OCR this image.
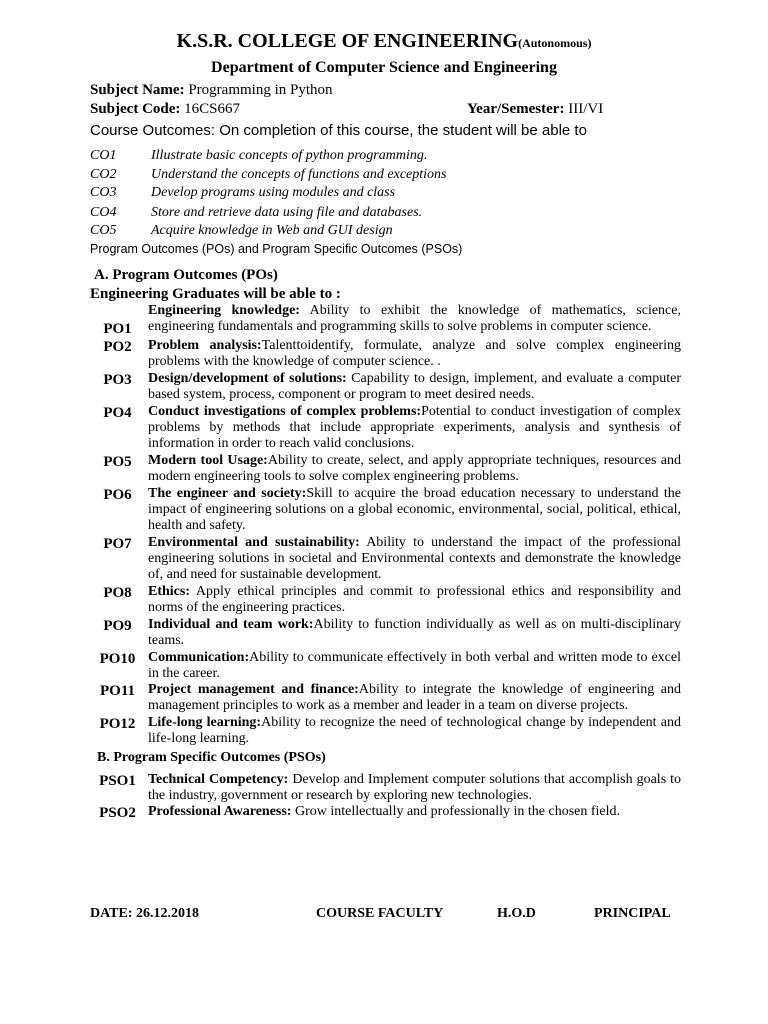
K.S.R. COLLEGE OF ENGINEERING(Autonomous)
Department of Computer Science and Engineering
Subject Name: Programming in Python
Subject Code: 16CS667	Year/Semester: III/VI
Course Outcomes: On completion of this course, the student will be able to
CO1 Illustrate basic concepts of python programming.
CO2 Understand the concepts of functions and exceptions
CO3 Develop programs using modules and class
CO4 Store and retrieve data using file and databases.
CO5 Acquire knowledge in Web and GUI design
Program Outcomes (POs) and Program Specific Outcomes (PSOs)
A. Program Outcomes (POs)
Engineering Graduates will be able to :
PO1
Engineering knowledge: Ability to exhibit the knowledge of mathematics, science, engineering fundamentals and programming skills to solve problems in computer science.
PO2	Problem analysis:Talenttoidentify, formulate, analyze and solve complex engineering problems with the knowledge of computer science. .
PO3	Design/development of solutions: Capability to design, implement, and evaluate a computer based system, process, component or program to meet desired needs.
PO4	Conduct investigations of complex problems:Potential to conduct investigation of complex problems by methods that include appropriate experiments, analysis and synthesis of information in order to reach valid conclusions.
PO5	Modern tool Usage:Ability to create, select, and apply appropriate techniques, resources and modern engineering tools to solve complex engineering problems.
PO6	The engineer and society:Skill to acquire the broad education necessary to understand the impact of engineering solutions on a global economic, environmental, social, political, ethical, health and safety.
PO7	Environmental and sustainability: Ability to understand the impact of the professional engineering solutions in societal and Environmental contexts and demonstrate the knowledge of, and need for sustainable development.
PO8	Ethics: Apply ethical principles and commit to professional ethics and responsibility and norms of the engineering practices.
PO9	Individual and team work:Ability to function individually as well as on multi-disciplinary teams.
PO10 Communication:Ability to communicate effectively in both verbal and written mode to excel in the career.
PO11 Project management and finance:Ability to integrate the knowledge of engineering and management principles to work as a member and leader in a team on diverse projects.
PO12 Life-long learning:Ability to recognize the need of technological change by independent and life-long learning.
B. Program Specific Outcomes (PSOs)
PSO1 Technical Competency: Develop and Implement computer solutions that accomplish goals to the industry, government or research by exploring new technologies.
PSO2 Professional Awareness: Grow intellectually and professionally in the chosen field.
DATE: 26.12.2018	COURSE FACULTY	H.O.D	PRINCIPAL
